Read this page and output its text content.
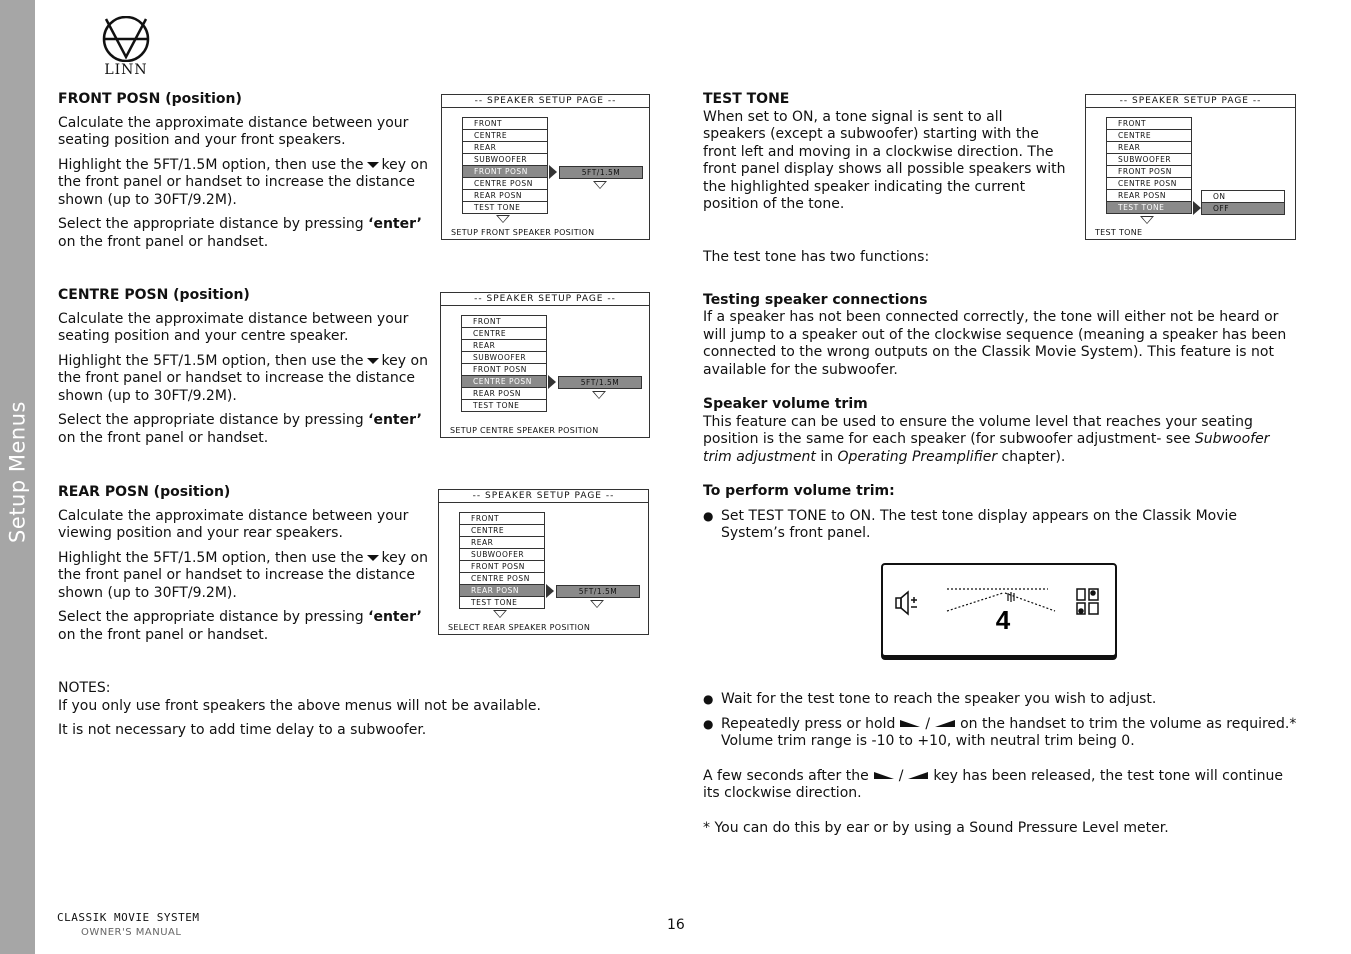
Setup Menus
LINN
FRONT POSN (position)

Calculate the approximate distance between your seating position and your front speakers.

Highlight the 5FT/1.5M option, then use the key on the front panel or handset to increase the distance shown (up to 30FT/9.2M).

Select the appropriate distance by pressing ‘enter’ on the front panel or handset.

-- SPEAKER SETUP PAGE --
FRONT
CENTRE
REAR
SUBWOOFER
FRONT POSN
CENTRE POSN
REAR POSN
TEST TONE
5FT/1.5M
SETUP FRONT SPEAKER POSITION
CENTRE POSN (position)

Calculate the approximate distance between your seating position and your centre speaker.

Highlight the 5FT/1.5M option, then use the key on the front panel or handset to increase the distance shown (up to 30FT/9.2M).

Select the appropriate distance by pressing ‘enter’ on the front panel or handset.

-- SPEAKER SETUP PAGE --
FRONT
CENTRE
REAR
SUBWOOFER
FRONT POSN
CENTRE POSN
REAR POSN
TEST TONE
5FT/1.5M
SETUP CENTRE SPEAKER POSITION
REAR POSN (position)

Calculate the approximate distance between your viewing position and your rear speakers.

Highlight the 5FT/1.5M option, then use the key on the front panel or handset to increase the distance shown (up to 30FT/9.2M).

Select the appropriate distance by pressing ‘enter’ on the front panel or handset.

-- SPEAKER SETUP PAGE --
FRONT
CENTRE
REAR
SUBWOOFER
FRONT POSN
CENTRE POSN
REAR POSN
TEST TONE
5FT/1.5M
SELECT REAR SPEAKER POSITION
NOTES:

If you only use front speakers the above menus will not be available.

It is not necessary to add time delay to a subwoofer.

TEST TONE

When set to ON, a tone signal is sent to all speakers (except a subwoofer) starting with the front left and moving in a clockwise direction. The front panel display shows all possible speakers with the highlighted speaker indicating the current position of the tone.

-- SPEAKER SETUP PAGE --
FRONT
CENTRE
REAR
SUBWOOFER
FRONT POSN
CENTRE POSN
REAR POSN
TEST TONE
ON
OFF
TEST TONE

The test tone has two functions:

Testing speaker connections

If a speaker has not been connected correctly, the tone will either not be heard or will jump to a speaker out of the clockwise sequence (meaning a speaker has been connected to the wrong outputs on the Classik Movie System). This feature is not available for the subwoofer.

Speaker volume trim

This feature can be used to ensure the volume level that reaches your seating position is the same for each speaker (for subwoofer adjustment- see Subwoofer trim adjustment in Operating Preamplifier chapter).

To perform volume trim:
● Set TEST TONE to ON. The test tone display appears on the Classik Movie System’s front panel.
4
● Wait for the test tone to reach the speaker you wish to adjust.
● Repeatedly press or hold / on the handset to trim the volume as required.* Volume trim range is -10 to +10, with neutral trim being 0.

A few seconds after the / key has been released, the test tone will continue its clockwise direction.

* You can do this by ear or by using a Sound Pressure Level meter.

CLASSIK MOVIE SYSTEM
OWNER'S MANUAL	16
